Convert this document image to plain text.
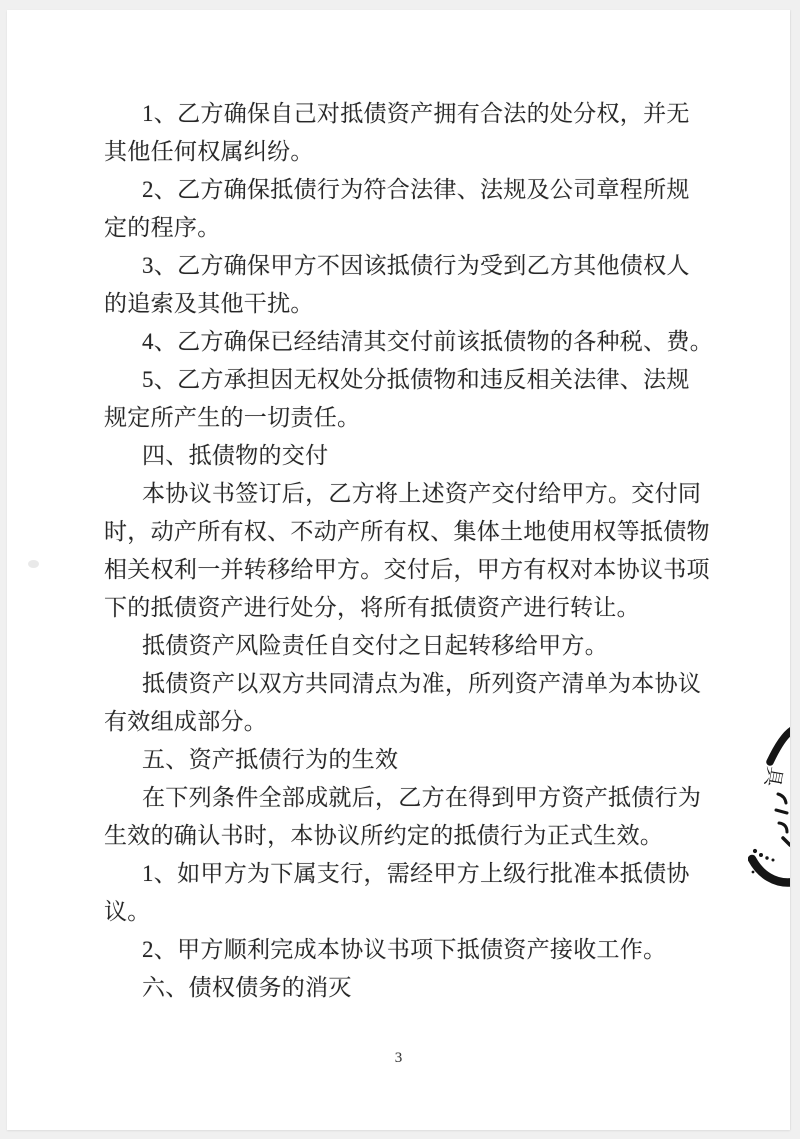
1、乙方确保自己对抵债资产拥有合法的处分权，并无
其他任何权属纠纷。
2、乙方确保抵债行为符合法律、法规及公司章程所规
定的程序。
3、乙方确保甲方不因该抵债行为受到乙方其他债权人
的追索及其他干扰。
4、乙方确保已经结清其交付前该抵债物的各种税、费。
5、乙方承担因无权处分抵债物和违反相关法律、法规
规定所产生的一切责任。
四、抵债物的交付
本协议书签订后，乙方将上述资产交付给甲方。交付同
时，动产所有权、不动产所有权、集体土地使用权等抵债物
相关权利一并转移给甲方。交付后，甲方有权对本协议书项
下的抵债资产进行处分，将所有抵债资产进行转让。
抵债资产风险责任自交付之日起转移给甲方。
抵债资产以双方共同清点为准，所列资产清单为本协议
有效组成部分。
五、资产抵债行为的生效
在下列条件全部成就后，乙方在得到甲方资产抵债行为
生效的确认书时，本协议所约定的抵债行为正式生效。
1、如甲方为下属支行，需经甲方上级行批准本抵债协
议。
2、甲方顺利完成本协议书项下抵债资产接收工作。
六、债权债务的消灭
具
3
